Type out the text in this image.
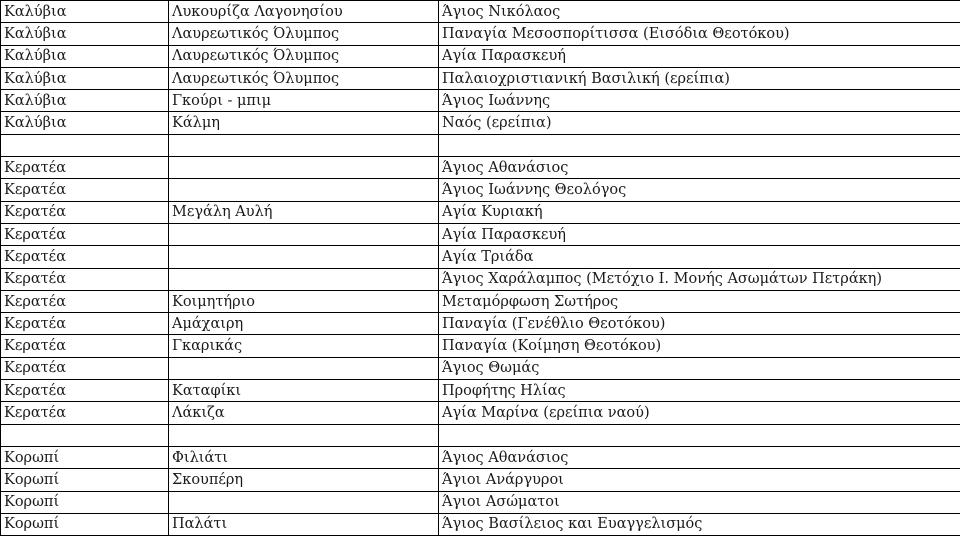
Καλύβια	Λυκουρίζα Λαγονησίου	Άγιος Νικόλαος
Καλύβια	Λαυρεωτικός Όλυμπος	Παναγία Μεσοσπορίτισσα (Εισόδια Θεοτόκου)
Καλύβια	Λαυρεωτικός Όλυμπος	Αγία Παρασκευή
Καλύβια	Λαυρεωτικός Όλυμπος	Παλαιοχριστιανική Βασιλική (ερείπια)
Καλύβια	Γκούρι - μπιμ	Άγιος Ιωάννης
Καλύβια	Κάλμη	Ναός (ερείπια)

Κερατέα		Άγιος Αθανάσιος
Κερατέα		Άγιος Ιωάννης Θεολόγος
Κερατέα	Μεγάλη Αυλή	Αγία Κυριακή
Κερατέα		Αγία Παρασκευή
Κερατέα		Αγία Τριάδα
Κερατέα		Άγιος Χαράλαμπος (Μετόχιο Ι. Μονής Ασωμάτων Πετράκη)
Κερατέα	Κοιμητήριο	Μεταμόρφωση Σωτήρος
Κερατέα	Αμάχαιρη	Παναγία (Γενέθλιο Θεοτόκου)
Κερατέα	Γκαρικάς	Παναγία (Κοίμηση Θεοτόκου)
Κερατέα		Άγιος Θωμάς
Κερατέα	Καταφίκι	Προφήτης Ηλίας
Κερατέα	Λάκιζα	Αγία Μαρίνα (ερείπια ναού)

Κορωπί	Φιλιάτι	Άγιος Αθανάσιος
Κορωπί	Σκουπέρη	Άγιοι Ανάργυροι
Κορωπί		Άγιοι Ασώματοι
Κορωπί	Παλάτι	Άγιος Βασίλειος και Ευαγγελισμός
